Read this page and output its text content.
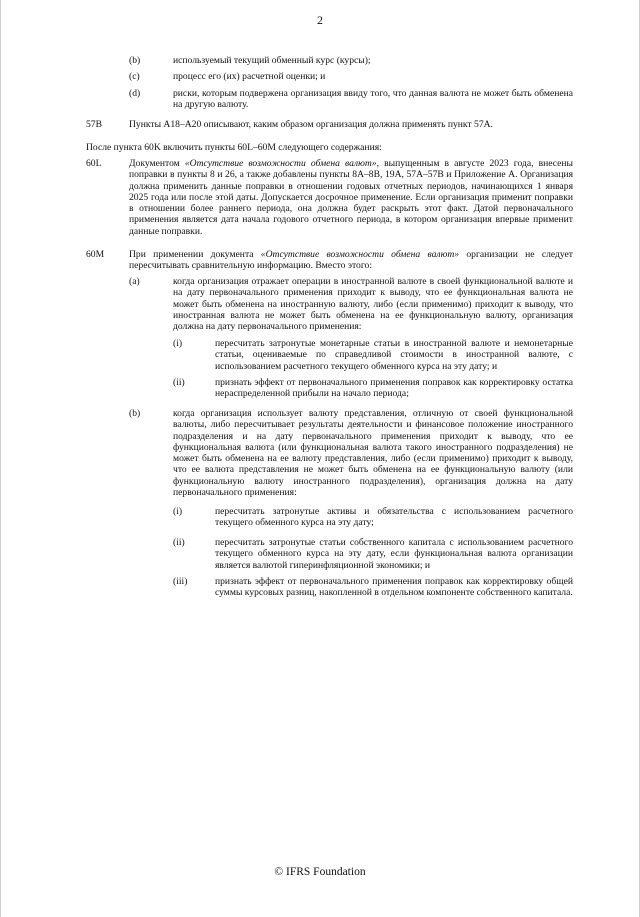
2
(b)	используемый текущий обменный курс (курсы);
(c)	процесс его (их) расчетной оценки; и
(d)	риски, которым подвержена организация ввиду того, что данная валюта не может быть обменена на другую валюту.
57B	Пункты А18–А20 описывают, каким образом организация должна применять пункт 57А.
После пункта 60K включить пункты 60L–60M следующего содержания:
60L	Документом «Отсутствие возможности обмена валют», выпущенным в августе 2023 года, внесены поправки в пункты 8 и 26, а также добавлены пункты 8А–8В, 19А, 57А–57В и Приложение А. Организация должна применить данные поправки в отношении годовых отчетных периодов, начинающихся 1 января 2025 года или после этой даты. Допускается досрочное применение. Если организация применит поправки в отношении более раннего периода, она должна будет раскрыть этот факт. Датой первоначального применения является дата начала годового отчетного периода, в котором организация впервые применит данные поправки.
60M	При применении документа «Отсутствие возможности обмена валют» организации не следует пересчитывать сравнительную информацию. Вместо этого:
(a)	когда организация отражает операции в иностранной валюте в своей функциональной валюте и на дату первоначального применения приходит к выводу, что ее функциональная валюта не может быть обменена на иностранную валюту, либо (если применимо) приходит к выводу, что иностранная валюта не может быть обменена на ее функциональную валюту, организация должна на дату первоначального применения:
(i)	пересчитать затронутые монетарные статьи в иностранной валюте и немонетарные статьи, оцениваемые по справедливой стоимости в иностранной валюте, с использованием расчетного текущего обменного курса на эту дату; и
(ii)	признать эффект от первоначального применения поправок как корректировку остатка нераспределенной прибыли на начало периода;
(b)	когда организация использует валюту представления, отличную от своей функциональной валюты, либо пересчитывает результаты деятельности и финансовое положение иностранного подразделения и на дату первоначального применения приходит к выводу, что ее функциональная валюта (или функциональная валюта такого иностранного подразделения) не может быть обменена на ее валюту представления, либо (если применимо) приходит к выводу, что ее валюта представления не может быть обменена на ее функциональную валюту (или функциональную валюту иностранного подразделения), организация должна на дату первоначального применения:
(i)	пересчитать затронутые активы и обязательства с использованием расчетного текущего обменного курса на эту дату;
(ii)	пересчитать затронутые статьи собственного капитала с использованием расчетного текущего обменного курса на эту дату, если функциональная валюта организации является валютой гиперинфляционной экономики; и
(iii)	признать эффект от первоначального применения поправок как корректировку общей суммы курсовых разниц, накопленной в отдельном компоненте собственного капитала.
© IFRS Foundation
